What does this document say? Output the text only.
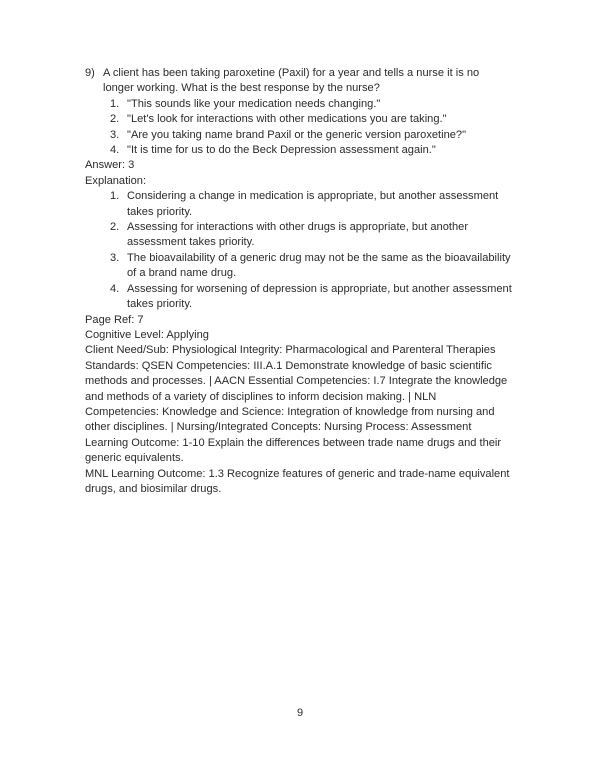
9) A client has been taking paroxetine (Paxil) for a year and tells a nurse it is no longer working. What is the best response by the nurse?
1. "This sounds like your medication needs changing."
2. "Let's look for interactions with other medications you are taking."
3. "Are you taking name brand Paxil or the generic version paroxetine?"
4. "It is time for us to do the Beck Depression assessment again."
Answer: 3
Explanation:
1. Considering a change in medication is appropriate, but another assessment takes priority.
2. Assessing for interactions with other drugs is appropriate, but another assessment takes priority.
3. The bioavailability of a generic drug may not be the same as the bioavailability of a brand name drug.
4. Assessing for worsening of depression is appropriate, but another assessment takes priority.
Page Ref: 7
Cognitive Level: Applying
Client Need/Sub: Physiological Integrity: Pharmacological and Parenteral Therapies
Standards: QSEN Competencies: III.A.1 Demonstrate knowledge of basic scientific methods and processes. | AACN Essential Competencies: I.7 Integrate the knowledge and methods of a variety of disciplines to inform decision making. | NLN Competencies: Knowledge and Science: Integration of knowledge from nursing and other disciplines. | Nursing/Integrated Concepts: Nursing Process: Assessment
Learning Outcome: 1-10 Explain the differences between trade name drugs and their generic equivalents.
MNL Learning Outcome: 1.3 Recognize features of generic and trade-name equivalent drugs, and biosimilar drugs.
9
